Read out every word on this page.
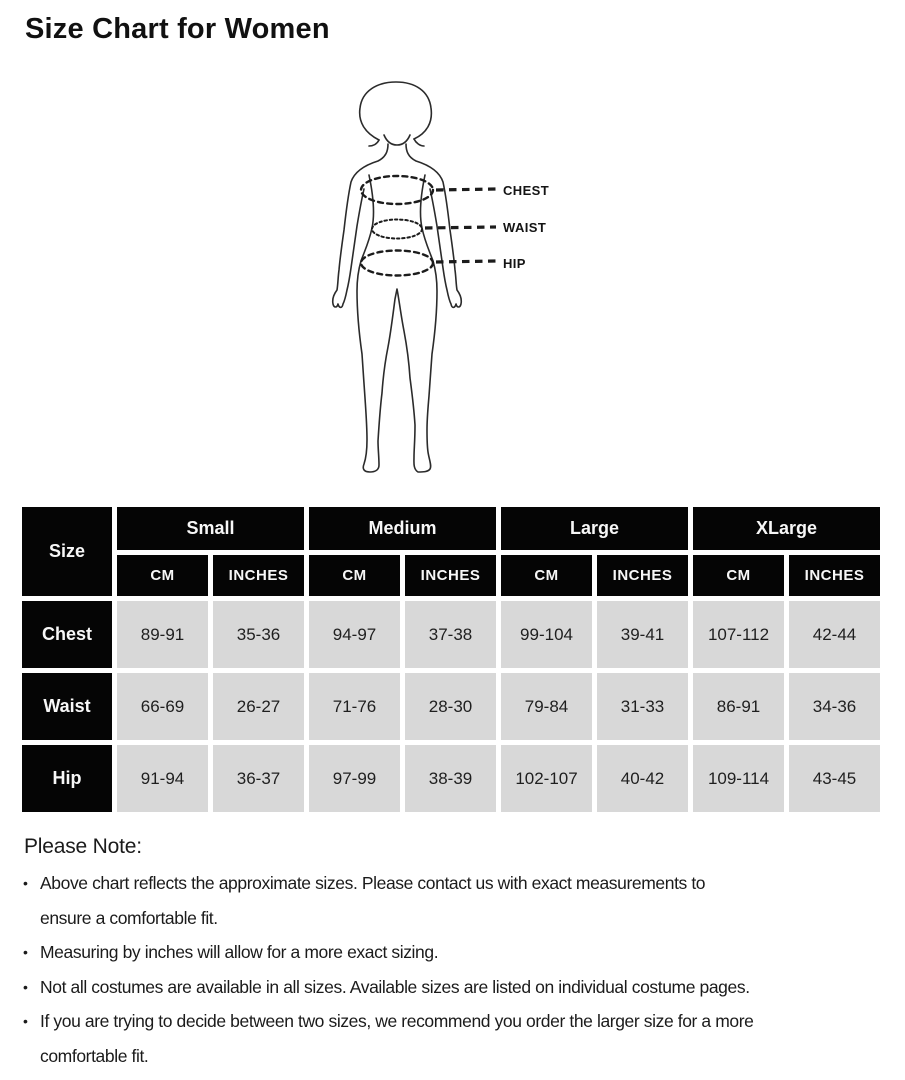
Size Chart for Women
CHEST
WAIST
HIP
Size	Small		Medium		Large		XLarge	
	CM	INCHES	CM	INCHES	CM	INCHES	CM	INCHES
Chest	89-91	35-36	94-97	37-38	99-104	39-41	107-112	42-44
Waist	66-69	26-27	71-76	28-30	79-84	31-33	86-91	34-36
Hip	91-94	36-37	97-99	38-39	102-107	40-42	109-114	43-45
Please Note:
• Above chart reflects the approximate sizes. Please contact us with exact measurements to
ensure a comfortable fit.
• Measuring by inches will allow for a more exact sizing.
• Not all costumes are available in all sizes. Available sizes are listed on individual costume pages.
• If you are trying to decide between two sizes, we recommend you order the larger size for a more
comfortable fit.
